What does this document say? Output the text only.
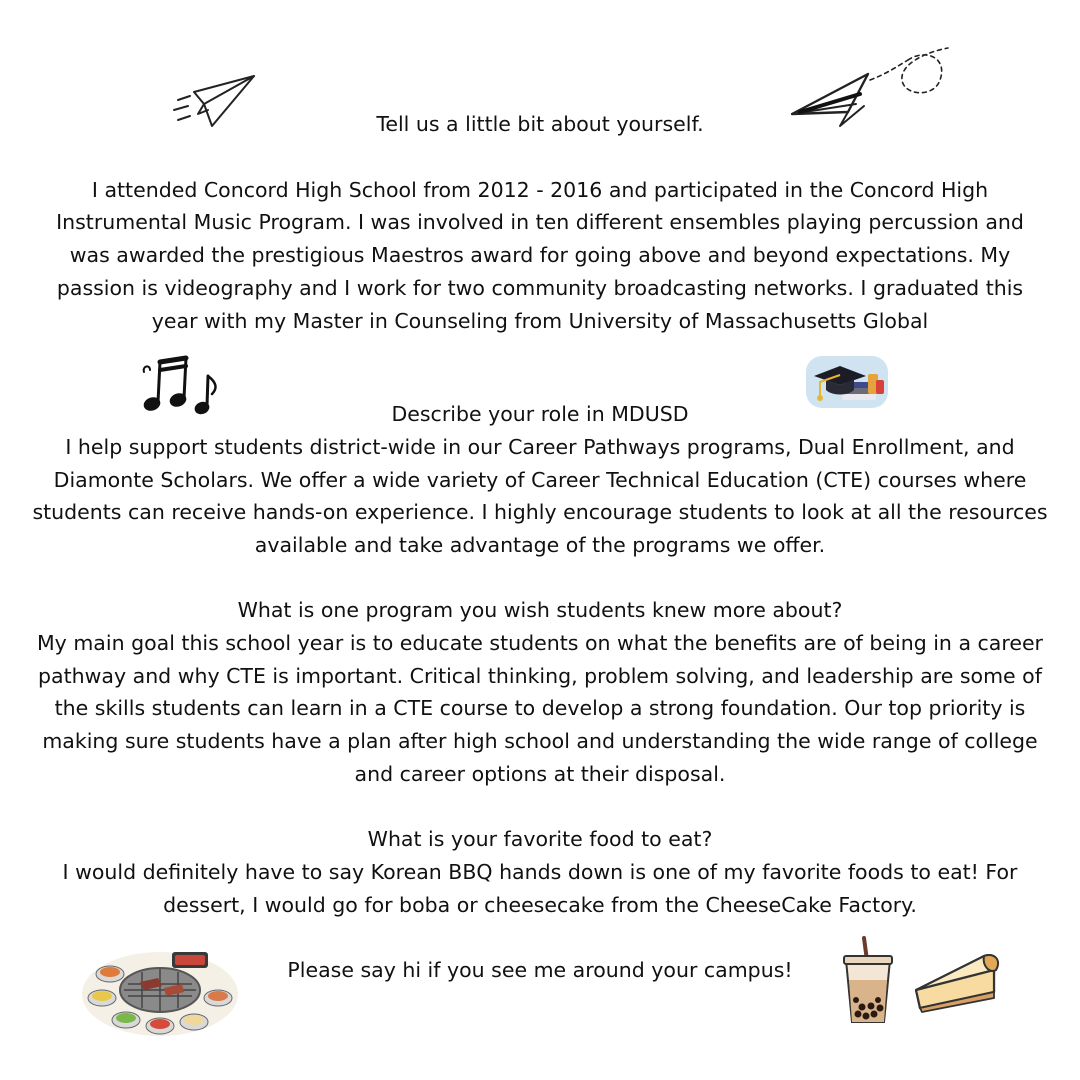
Tell us a little bit about yourself.

I attended Concord High School from 2012 - 2016 and participated in the Concord High Instrumental Music Program. I was involved in ten different ensembles playing percussion and was awarded the prestigious Maestros award for going above and beyond expectations. My passion is videography and I work for two community broadcasting networks. I graduated this year with my Master in Counseling from University of Massachusetts Global

Describe your role in MDUSD

I help support students district-wide in our Career Pathways programs, Dual Enrollment, and Diamonte Scholars. We offer a wide variety of Career Technical Education (CTE) courses where students can receive hands-on experience. I highly encourage students to look at all the resources available and take advantage of the programs we offer.

What is one program you wish students knew more about?

My main goal this school year is to educate students on what the benefits are of being in a career pathway and why CTE is important. Critical thinking, problem solving, and leadership are some of the skills students can learn in a CTE course to develop a strong foundation. Our top priority is making sure students have a plan after high school and understanding the wide range of college and career options at their disposal.

What is your favorite food to eat?

I would definitely have to say Korean BBQ hands down is one of my favorite foods to eat! For dessert, I would go for boba or cheesecake from the CheeseCake Factory.

Please say hi if you see me around your campus!
